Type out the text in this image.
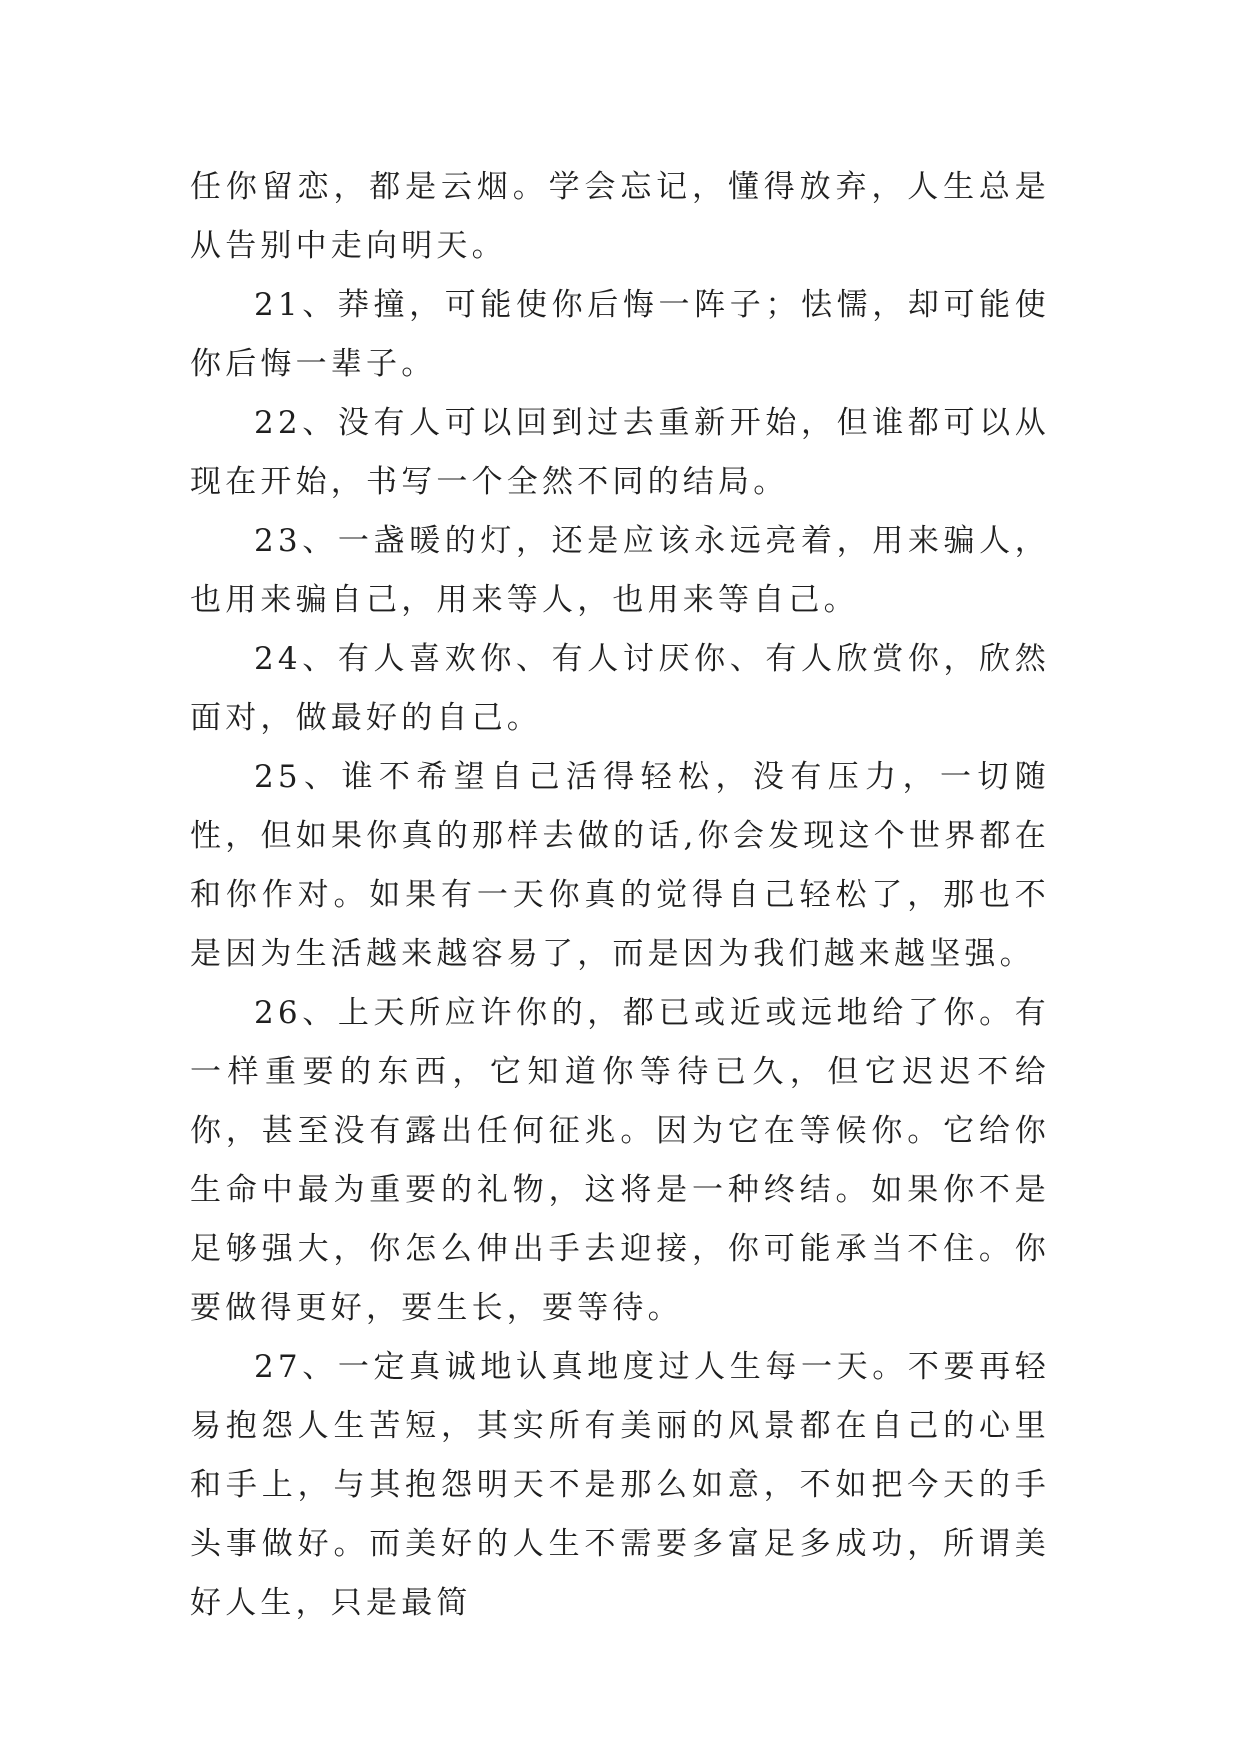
任你留恋，都是云烟。学会忘记，懂得放弃，人生总是从告别中走向明天。

21、莽撞，可能使你后悔一阵子；怯懦，却可能使你后悔一辈子。

22、没有人可以回到过去重新开始，但谁都可以从现在开始，书写一个全然不同的结局。

23、一盏暖的灯，还是应该永远亮着，用来骗人，也用来骗自己，用来等人，也用来等自己。

24、有人喜欢你、有人讨厌你、有人欣赏你，欣然面对，做最好的自己。

25、谁不希望自己活得轻松，没有压力，一切随性，但如果你真的那样去做的话,你会发现这个世界都在和你作对。如果有一天你真的觉得自己轻松了，那也不是因为生活越来越容易了，而是因为我们越来越坚强。

26、上天所应许你的，都已或近或远地给了你。有一样重要的东西，它知道你等待已久，但它迟迟不给你，甚至没有露出任何征兆。因为它在等候你。它给你生命中最为重要的礼物，这将是一种终结。如果你不是足够强大，你怎么伸出手去迎接，你可能承当不住。你要做得更好，要生长，要等待。

27、一定真诚地认真地度过人生每一天。不要再轻易抱怨人生苦短，其实所有美丽的风景都在自己的心里和手上，与其抱怨明天不是那么如意，不如把今天的手头事做好。而美好的人生不需要多富足多成功，所谓美好人生，只是最简
